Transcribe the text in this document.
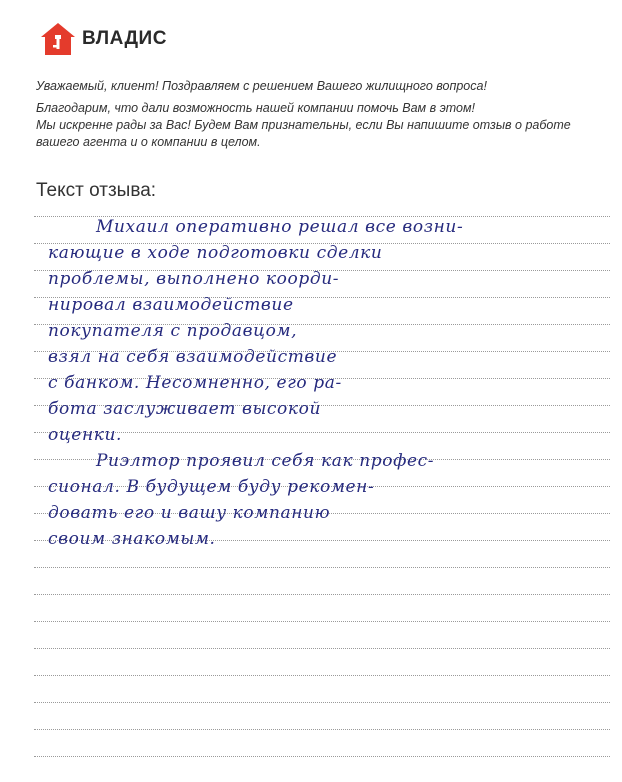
ВЛАДИС

Уважаемый, клиент! Поздравляем с решением Вашего жилищного вопроса!

Благодарим, что дали возможность нашей компании помочь Вам в этом!

Мы искренне рады за Вас! Будем Вам признательны, если Вы напишите отзыв о работе

вашего агента и о компании в целом.

Текст отзыва:
Михаил оперативно решал все возни-
кающие в ходе подготовки сделки
проблемы, выполнено коорди-
нировал взаимодействие
покупателя с продавцом,
взял на себя взаимодействие
с банком. Несомненно, его ра-
бота заслуживает высокой
оценки.
Риэлтор проявил себя как профес-
сионал. В будущем буду рекомен-
довать его и вашу компанию
своим знакомым.
